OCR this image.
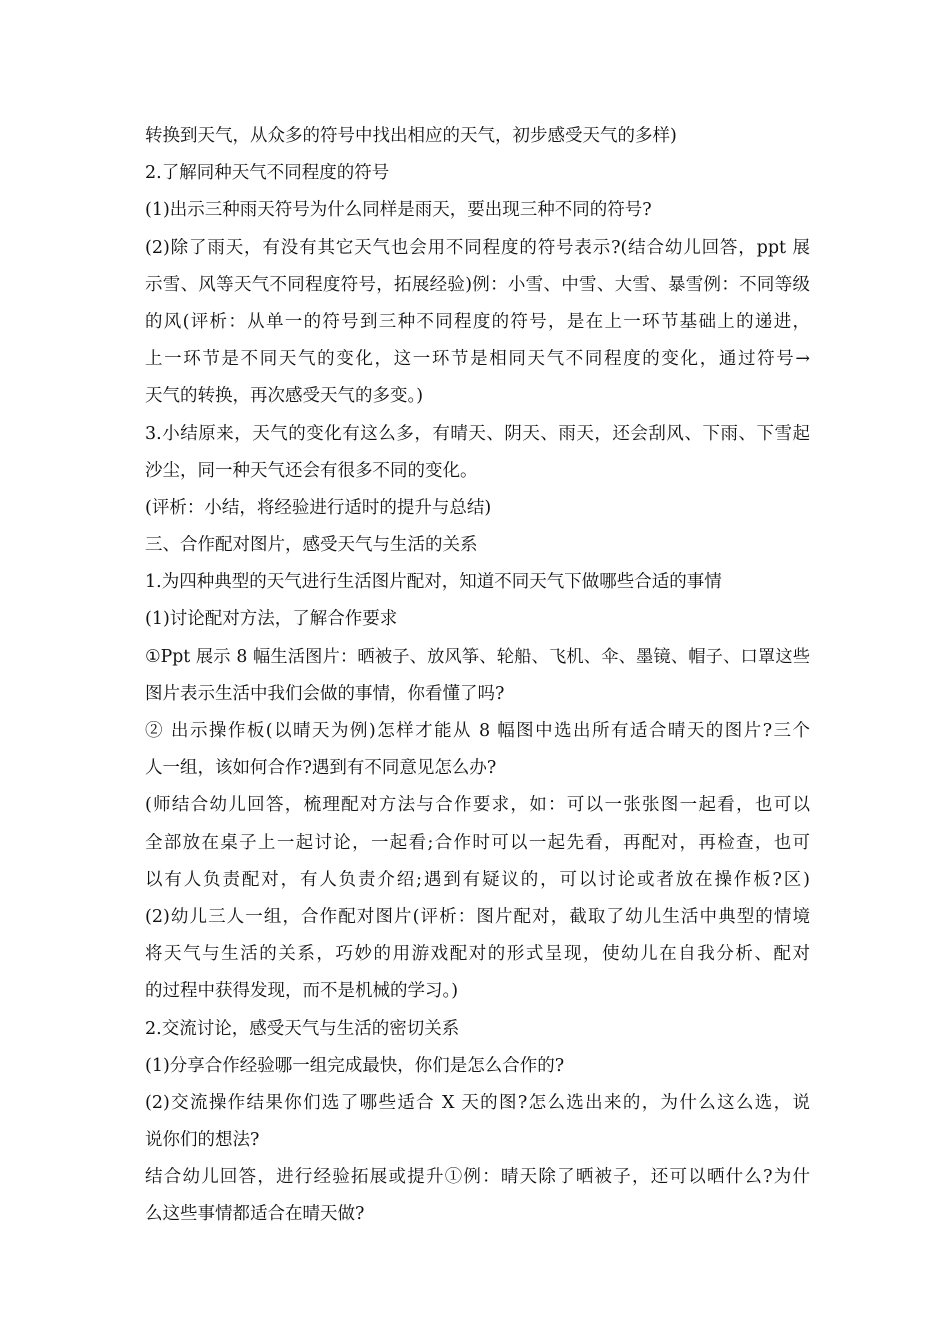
转换到天气，从众多的符号中找出相应的天气，初步感受天气的多样)
2.了解同种天气不同程度的符号
(1)出示三种雨天符号为什么同样是雨天，要出现三种不同的符号?
(2)除了雨天，有没有其它天气也会用不同程度的符号表示?(结合幼儿回答，ppt 展
示雪、风等天气不同程度符号，拓展经验)例：小雪、中雪、大雪、暴雪例：不同等级
的风(评析：从单一的符号到三种不同程度的符号，是在上一环节基础上的递进，
上一环节是不同天气的变化，这一环节是相同天气不同程度的变化，通过符号→
天气的转换，再次感受天气的多变。)
3.小结原来，天气的变化有这么多，有晴天、阴天、雨天，还会刮风、下雨、下雪起
沙尘，同一种天气还会有很多不同的变化。
(评析：小结，将经验进行适时的提升与总结)
三、合作配对图片，感受天气与生活的关系
1.为四种典型的天气进行生活图片配对，知道不同天气下做哪些合适的事情
(1)讨论配对方法，了解合作要求
①Ppt 展示 8 幅生活图片：晒被子、放风筝、轮船、飞机、伞、墨镜、帽子、口罩这些
图片表示生活中我们会做的事情，你看懂了吗?
② 出示操作板(以晴天为例)怎样才能从 8 幅图中选出所有适合晴天的图片?三个
人一组，该如何合作?遇到有不同意见怎么办?
(师结合幼儿回答，梳理配对方法与合作要求，如：可以一张张图一起看，也可以
全部放在桌子上一起讨论，一起看;合作时可以一起先看，再配对，再检查，也可
以有人负责配对，有人负责介绍;遇到有疑议的，可以讨论或者放在操作板?区)
(2)幼儿三人一组，合作配对图片(评析：图片配对，截取了幼儿生活中典型的情境
将天气与生活的关系，巧妙的用游戏配对的形式呈现，使幼儿在自我分析、配对
的过程中获得发现，而不是机械的学习。)
2.交流讨论，感受天气与生活的密切关系
(1)分享合作经验哪一组完成最快，你们是怎么合作的?
(2)交流操作结果你们选了哪些适合 X 天的图?怎么选出来的，为什么这么选，说
说你们的想法?
结合幼儿回答，进行经验拓展或提升①例：晴天除了晒被子，还可以晒什么?为什
么这些事情都适合在晴天做?
